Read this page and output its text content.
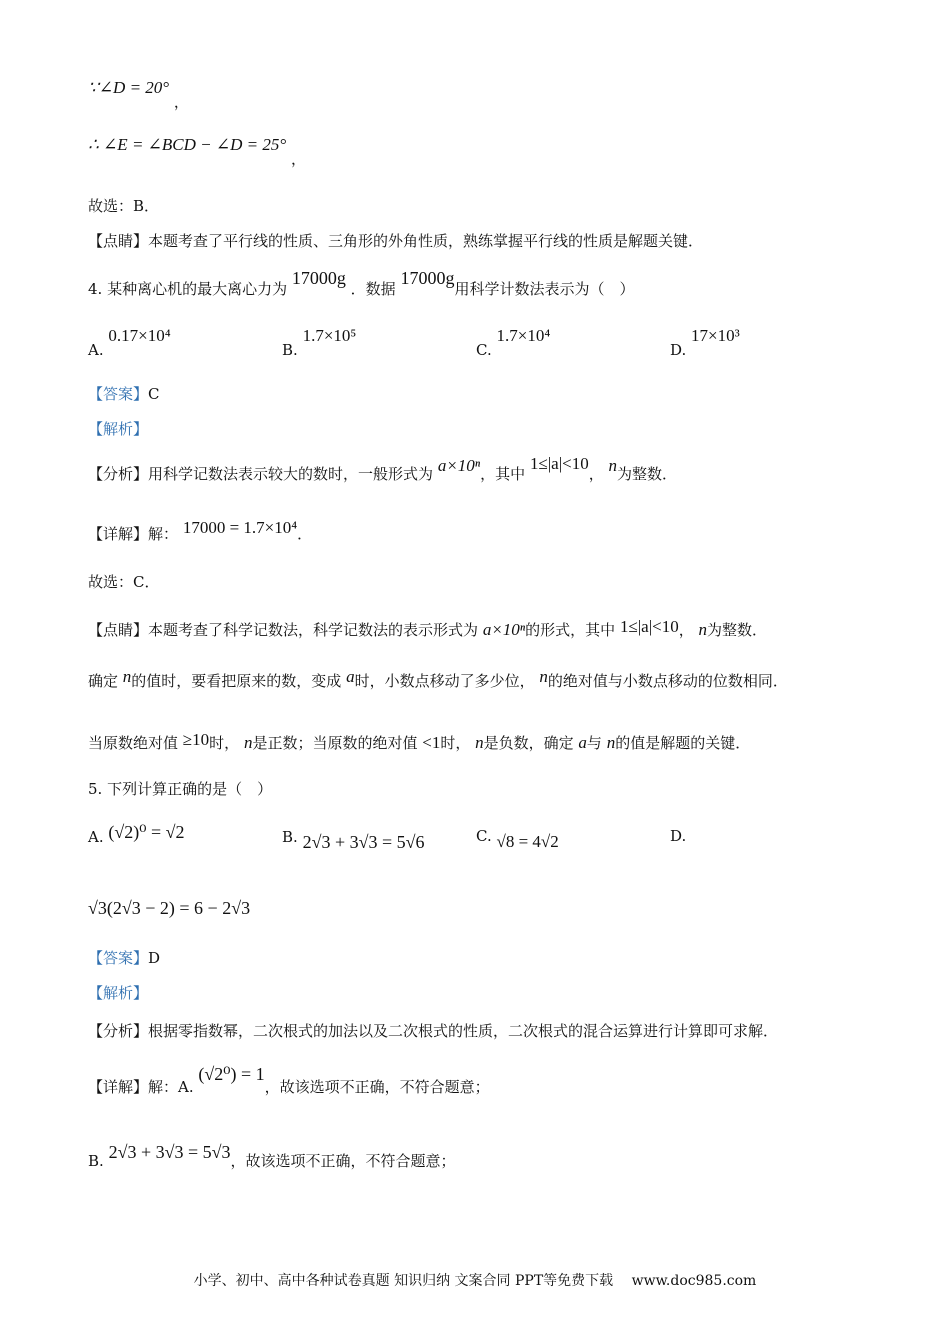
∵∠D = 20° ，
∴ ∠E = ∠BCD − ∠D = 25° ，
故选：B．
【点睛】本题考查了平行线的性质、三角形的外角性质，熟练掌握平行线的性质是解题关键．
4. 某种离心机的最大离心力为 17000g ．数据 17000g用科学计数法表示为（　）
A. 0.17×10⁴
B. 1.7×10⁵
C. 1.7×10⁴
D. 17×10³
【答案】C
【解析】
【分析】用科学记数法表示较大的数时，一般形式为 a×10ⁿ，其中 1≤|a|<10， n为整数．
【详解】解： 17000 = 1.7×10⁴．
故选：C．
【点睛】本题考查了科学记数法，科学记数法的表示形式为 a×10ⁿ的形式，其中 1≤|a|<10， n为整数．
确定 n的值时，要看把原来的数，变成 a时，小数点移动了多少位， n的绝对值与小数点移动的位数相同．
当原数绝对值 ≥10时， n是正数；当原数的绝对值 <1时， n是负数，确定 a与 n的值是解题的关键．
5. 下列计算正确的是（　）
A. (√2)⁰ = √2	B. 2√3 + 3√3 = 5√6	C. √8 = 4√2	D.
√3(2√3 − 2) = 6 − 2√3
【答案】D
【解析】
【分析】根据零指数幂，二次根式的加法以及二次根式的性质，二次根式的混合运算进行计算即可求解．
【详解】解：A. (√2⁰) = 1，故该选项不正确，不符合题意；
B. 2√3 + 3√3 = 5√3，故该选项不正确，不符合题意；
小学、初中、高中各种试卷真题 知识归纳 文案合同 PPT等免费下载　 www.doc985.com
